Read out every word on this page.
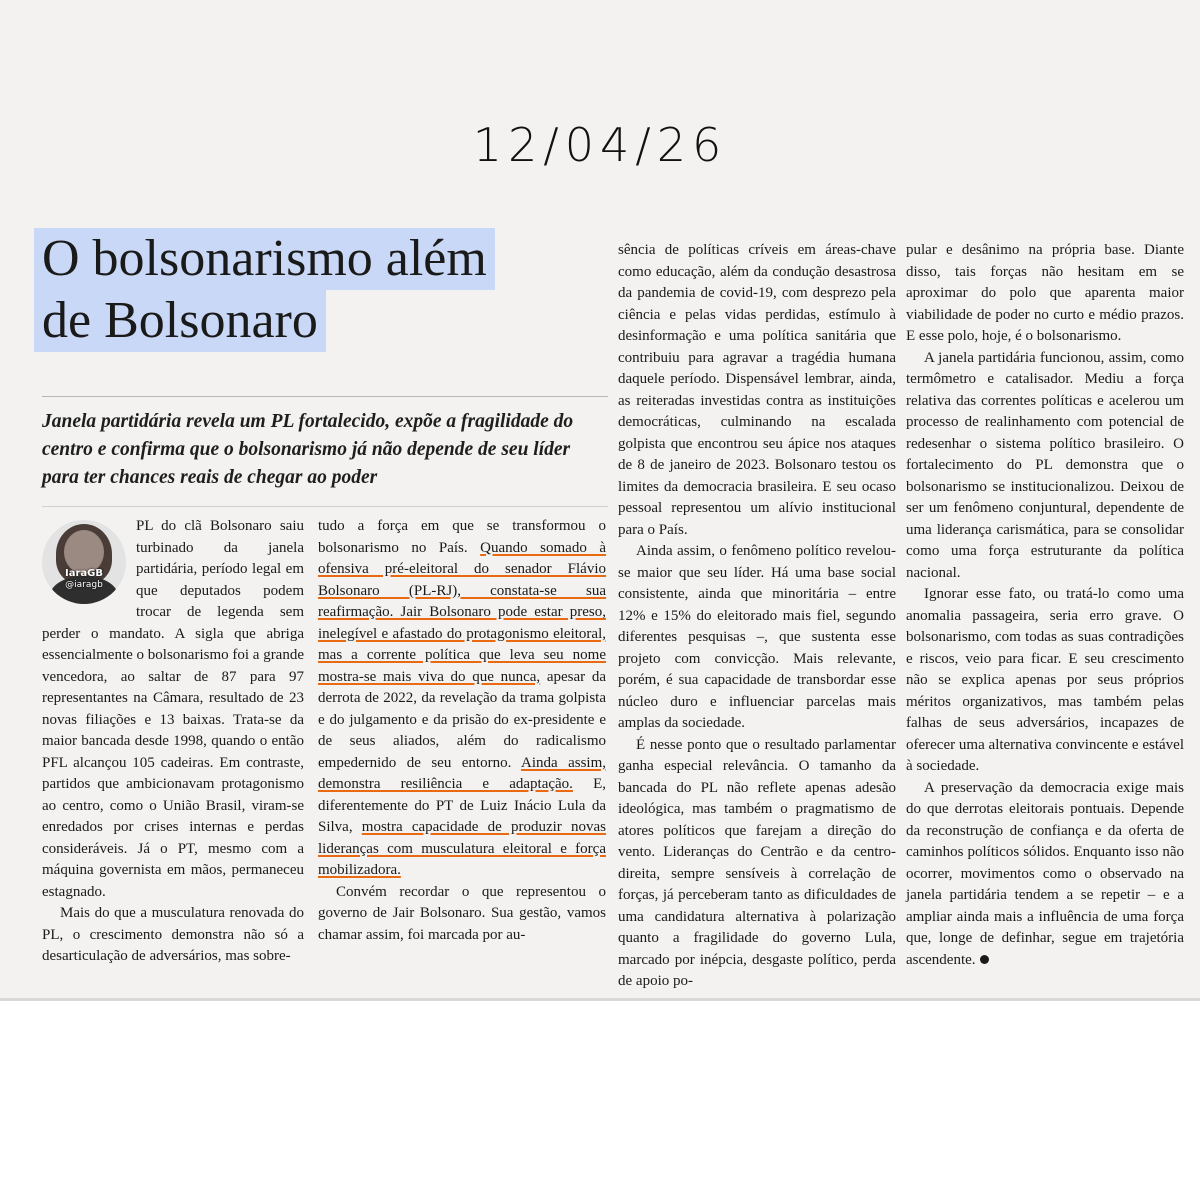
12/04/26
O bolsonarismo além
de Bolsonaro
Janela partidária revela um PL fortalecido, expõe a fragilidade do centro e confirma que o bolsonarismo já não depende de seu líder para ter chances reais de chegar ao poder
IaraGB
@iaragb

PL do clã Bolsonaro saiu turbinado da janela partidária, período legal em que deputados podem trocar de legenda sem perder o mandato. A sigla que abriga essencialmente o bolsonarismo foi a grande vencedora, ao saltar de 87 para 97 representantes na Câmara, resultado de 23 novas filiações e 13 baixas. Trata-se da maior bancada desde 1998, quando o então PFL alcançou 105 cadeiras. Em contraste, partidos que ambicionavam protagonismo ao centro, como o União Brasil, viram-se enredados por crises internas e perdas consideráveis. Já o PT, mesmo com a máquina governista em mãos, permaneceu estagnado.

Mais do que a musculatura renovada do PL, o crescimento demonstra não só a desarticulação de adversários, mas sobre-

tudo a força em que se transformou o bolsonarismo no País. Quando somado à ofensiva pré-eleitoral do senador Flávio Bolsonaro (PL-RJ), constata-se sua reafirmação. Jair Bolsonaro pode estar preso, inelegível e afastado do protagonismo eleitoral, mas a corrente política que leva seu nome mostra-se mais viva do que nunca, apesar da derrota de 2022, da revelação da trama golpista e do julgamento e da prisão do ex-presidente e de seus aliados, além do radicalismo empedernido de seu entorno. Ainda assim, demonstra resiliência e adaptação. E, diferentemente do PT de Luiz Inácio Lula da Silva, mostra capacidade de produzir novas lideranças com musculatura eleitoral e força mobilizadora.

Convém recordar o que representou o governo de Jair Bolsonaro. Sua gestão, vamos chamar assim, foi marcada por au-

sência de políticas críveis em áreas-chave como educação, além da condução desastrosa da pandemia de covid-19, com desprezo pela ciência e pelas vidas perdidas, estímulo à desinformação e uma política sanitária que contribuiu para agravar a tragédia humana daquele período. Dispensável lembrar, ainda, as reiteradas investidas contra as instituições democráticas, culminando na escalada golpista que encontrou seu ápice nos ataques de 8 de janeiro de 2023. Bolsonaro testou os limites da democracia brasileira. E seu ocaso pessoal representou um alívio institucional para o País.

Ainda assim, o fenômeno político revelou-se maior que seu líder. Há uma base social consistente, ainda que minoritária – entre 12% e 15% do eleitorado mais fiel, segundo diferentes pesquisas –, que sustenta esse projeto com convicção. Mais relevante, porém, é sua capacidade de transbordar esse núcleo duro e influenciar parcelas mais amplas da sociedade.

É nesse ponto que o resultado parlamentar ganha especial relevância. O tamanho da bancada do PL não reflete apenas adesão ideológica, mas também o pragmatismo de atores políticos que farejam a direção do vento. Lideranças do Centrão e da centro-direita, sempre sensíveis à correlação de forças, já perceberam tanto as dificuldades de uma candidatura alternativa à polarização quanto a fragilidade do governo Lula, marcado por inépcia, desgaste político, perda de apoio po-

pular e desânimo na própria base. Diante disso, tais forças não hesitam em se aproximar do polo que aparenta maior viabilidade de poder no curto e médio prazos. E esse polo, hoje, é o bolsonarismo.

A janela partidária funcionou, assim, como termômetro e catalisador. Mediu a força relativa das correntes políticas e acelerou um processo de realinhamento com potencial de redesenhar o sistema político brasileiro. O fortalecimento do PL demonstra que o bolsonarismo se institucionalizou. Deixou de ser um fenômeno conjuntural, dependente de uma liderança carismática, para se consolidar como uma força estruturante da política nacional.

Ignorar esse fato, ou tratá-lo como uma anomalia passageira, seria erro grave. O bolsonarismo, com todas as suas contradições e riscos, veio para ficar. E seu crescimento não se explica apenas por seus próprios méritos organizativos, mas também pelas falhas de seus adversários, incapazes de oferecer uma alternativa convincente e estável à sociedade.

A preservação da democracia exige mais do que derrotas eleitorais pontuais. Depende da reconstrução de confiança e da oferta de caminhos políticos sólidos. Enquanto isso não ocorrer, movimentos como o observado na janela partidária tendem a se repetir – e a ampliar ainda mais a influência de uma força que, longe de definhar, segue em trajetória ascendente.
